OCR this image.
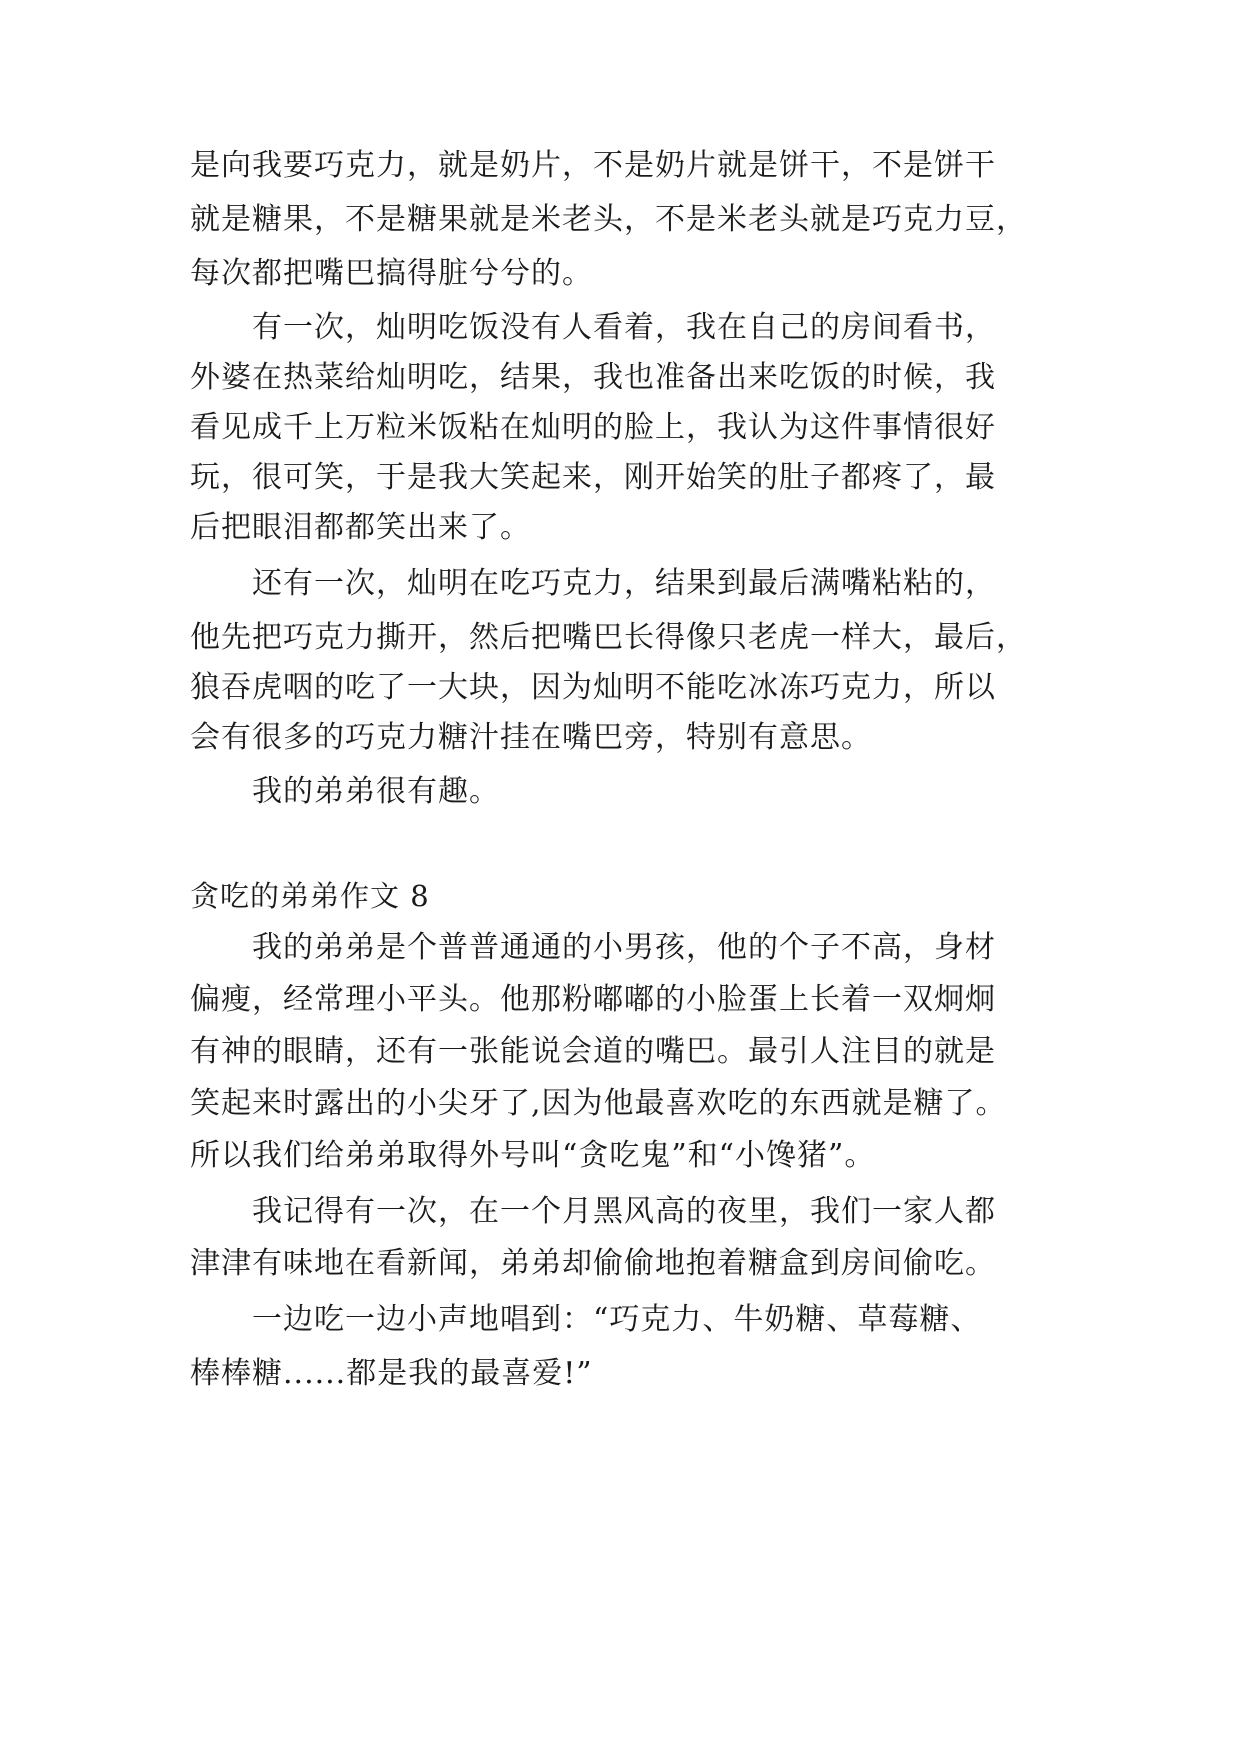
是向我要巧克力，就是奶片，不是奶片就是饼干，不是饼干
就是糖果，不是糖果就是米老头，不是米老头就是巧克力豆，
每次都把嘴巴搞得脏兮兮的。
　　有一次，灿明吃饭没有人看着，我在自己的房间看书，
外婆在热菜给灿明吃，结果，我也准备出来吃饭的时候，我
看见成千上万粒米饭粘在灿明的脸上，我认为这件事情很好
玩，很可笑，于是我大笑起来，刚开始笑的肚子都疼了，最
后把眼泪都都笑出来了。
　　还有一次，灿明在吃巧克力，结果到最后满嘴粘粘的，
他先把巧克力撕开，然后把嘴巴长得像只老虎一样大，最后，
狼吞虎咽的吃了一大块，因为灿明不能吃冰冻巧克力，所以
会有很多的巧克力糖汁挂在嘴巴旁，特别有意思。
　　我的弟弟很有趣。
贪吃的弟弟作文 8
　　我的弟弟是个普普通通的小男孩，他的个子不高，身材
偏瘦，经常理小平头。他那粉嘟嘟的小脸蛋上长着一双炯炯
有神的眼睛，还有一张能说会道的嘴巴。最引人注目的就是
笑起来时露出的小尖牙了,因为他最喜欢吃的东西就是糖了。
所以我们给弟弟取得外号叫“贪吃鬼”和“小馋猪”。
　　我记得有一次，在一个月黑风高的夜里，我们一家人都
津津有味地在看新闻，弟弟却偷偷地抱着糖盒到房间偷吃。
　　一边吃一边小声地唱到：“巧克力、牛奶糖、草莓糖、
棒棒糖......都是我的最喜爱!”
